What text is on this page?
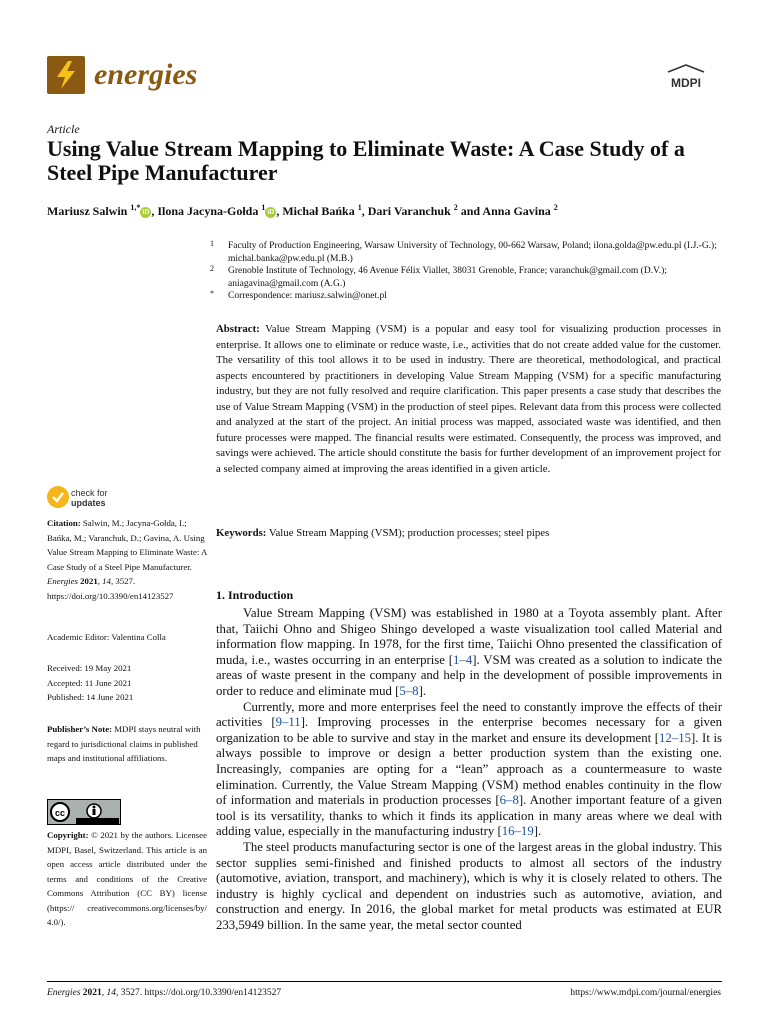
energies	MDPI
Article
Using Value Stream Mapping to Eliminate Waste: A Case Study of a Steel Pipe Manufacturer
Mariusz Salwin $^{1,*}$ iD , Ilona Jacyna-Gołda $^1$ iD , Michał Bańka $^1$, Dari Varanchuk $^2$ and Anna Gavina $^2$
1 Faculty of Production Engineering, Warsaw University of Technology, 00-662 Warsaw, Poland; ilona.golda@pw.edu.pl (I.J.-G.); michal.banka@pw.edu.pl (M.B.)
2 Grenoble Institute of Technology, 46 Avenue Félix Viallet, 38031 Grenoble, France; varanchuk@gmail.com (D.V.); aniagavina@gmail.com (A.G.)
* Correspondence: mariusz.salwin@onet.pl

Abstract: Value Stream Mapping (VSM) is a popular and easy tool for visualizing production processes in enterprise. It allows one to eliminate or reduce waste, i.e., activities that do not create added value for the customer. The versatility of this tool allows it to be used in industry. There are theoretical, methodological, and practical aspects encountered by practitioners in developing Value Stream Mapping (VSM) for a specific manufacturing industry, but they are not fully resolved and require clarification. This paper presents a case study that describes the use of Value Stream Mapping (VSM) in the production of steel pipes. Relevant data from this process were collected and analyzed at the start of the project. An initial process was mapped, associated waste was identified, and then future processes were mapped. The financial results were estimated. Consequently, the process was improved, and savings were achieved. The article should constitute the basis for further development of an improvement project for a selected company aimed at improving the areas identified in a given article.

Keywords: Value Stream Mapping (VSM); production processes; steel pipes
check for
updates

Citation: Salwin, M.; Jacyna-Gołda, I.; Bańka, M.; Varanchuk, D.; Gavina, A. Using Value Stream Mapping to Eliminate Waste: A Case Study of a Steel Pipe Manufacturer. Energies 2021, 14, 3527. https://doi.org/10.3390/en14123527

Academic Editor: Valentina Colla

Received: 19 May 2021
Accepted: 11 June 2021
Published: 14 June 2021

Publisher’s Note: MDPI stays neutral with regard to jurisdictional claims in published maps and institutional affiliations.

cc

Copyright: © 2021 by the authors. Licensee MDPI, Basel, Switzerland. This article is an open access article distributed under the terms and conditions of the Creative Commons Attribution (CC BY) license (https:// creativecommons.org/licenses/by/ 4.0/).

1. Introduction

Value Stream Mapping (VSM) was established in 1980 at a Toyota assembly plant. After that, Taiichi Ohno and Shigeo Shingo developed a waste visualization tool called Material and information flow mapping. In 1978, for the first time, Taiichi Ohno presented the classification of muda, i.e., wastes occurring in an enterprise [1–4]. VSM was created as a solution to indicate the areas of waste present in the company and help in the development of possible improvements in order to reduce and eliminate mud [5–8].

Currently, more and more enterprises feel the need to constantly improve the effects of their activities [9–11]. Improving processes in the enterprise becomes necessary for a given organization to be able to survive and stay in the market and ensure its development [12–15]. It is always possible to improve or design a better production system than the existing one. Increasingly, companies are opting for a “lean” approach as a countermeasure to waste elimination. Currently, the Value Stream Mapping (VSM) method enables continuity in the flow of information and materials in production processes [6–8]. Another important feature of a given tool is its versatility, thanks to which it finds its application in many areas where we deal with adding value, especially in the manufacturing industry [16–19].

The steel products manufacturing sector is one of the largest areas in the global industry. This sector supplies semi-finished and finished products to almost all sectors of the industry (automotive, aviation, transport, and machinery), which is why it is closely related to others. The industry is highly cyclical and dependent on industries such as automotive, aviation, and construction and energy. In 2016, the global market for metal products was estimated at EUR 233,5949 billion. In the same year, the metal sector counted

Energies 2021, 14, 3527. https://doi.org/10.3390/en14123527	https://www.mdpi.com/journal/energies
